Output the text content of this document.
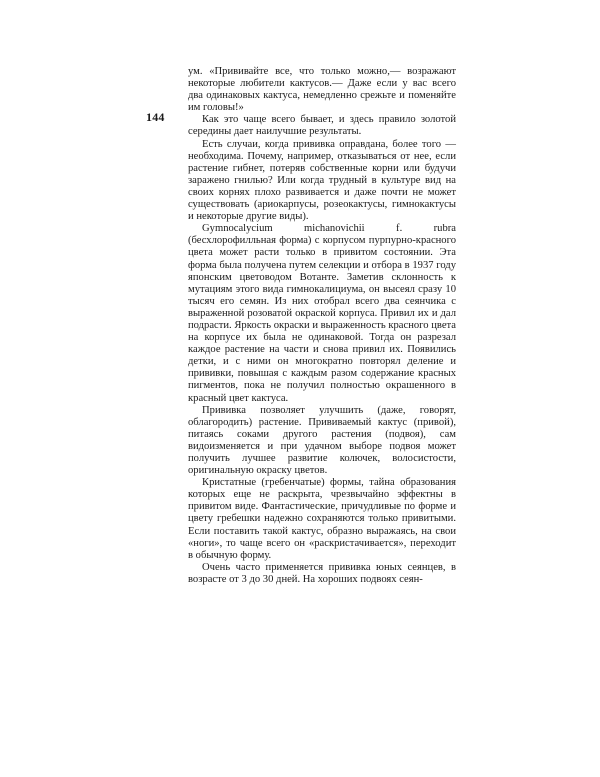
144

ум. «Прививайте все, что только можно,— возражают некоторые любители кактусов.— Даже если у вас всего два одинаковых кактуса, немедленно срежьте и поменяйте им головы!»

Как это чаще всего бывает, и здесь правило золотой середины дает наилучшие результаты.

Есть случаи, когда прививка оправдана, более того — необходима. Почему, например, отказываться от нее, если растение гибнет, потеряв собственные корни или будучи заражено гнилью? Или когда трудный в культуре вид на своих корнях плохо развивается и даже почти не может существовать (ариокарпусы, розеокактусы, гимнокактусы и некоторые другие виды).

Gymnocalycium michanovichii f. rubra (бесхлорофилльная форма) с корпусом пурпурно-красного цвета может расти только в привитом состоянии. Эта форма была получена путем селекции и отбора в 1937 году японским цветоводом Вотанте. Заметив склонность к мутациям этого вида гимнокалициума, он высеял сразу 10 тысяч его семян. Из них отобрал всего два сеянчика с выраженной розоватой окраской корпуса. Привил их и дал подрасти. Яркость окраски и выраженность красного цвета на корпусе их была не одинаковой. Тогда он разрезал каждое растение на части и снова привил их. Появились детки, и с ними он многократно повторял деление и прививки, повышая с каждым разом содержание красных пигментов, пока не получил полностью окрашенного в красный цвет кактуса.

Прививка позволяет улучшить (даже, говорят, облагородить) растение. Прививаемый кактус (привой), питаясь соками другого растения (подвоя), сам видоизменяется и при удачном выборе подвоя может получить лучшее развитие колючек, волосистости, оригинальную окраску цветов.

Кристатные (гребенчатые) формы, тайна образования которых еще не раскрыта, чрезвычайно эффектны в привитом виде. Фантастические, причудливые по форме и цвету гребешки надежно сохраняются только привитыми. Если поставить такой кактус, образно выражаясь, на свои «ноги», то чаще всего он «раскристачивается», переходит в обычную форму.

Очень часто применяется прививка юных сеянцев, в возрасте от 3 до 30 дней. На хороших подвоях сеян-
